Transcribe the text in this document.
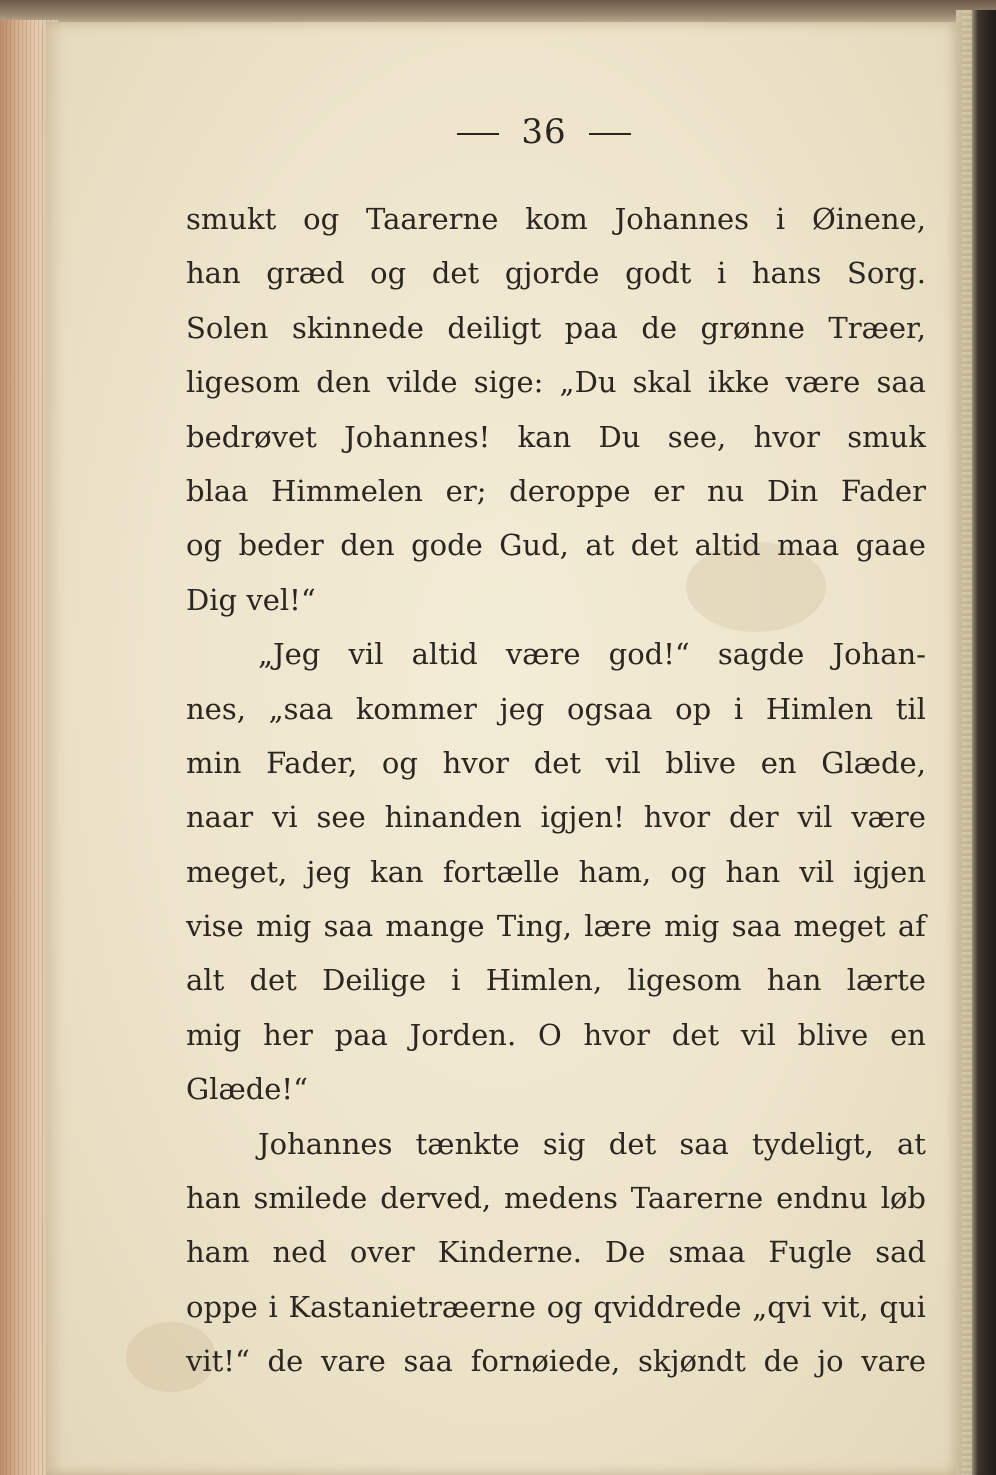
36
smukt og Taarerne kom Johannes i Øinene,
han græd og det gjorde godt i hans Sorg.
Solen skinnede deiligt paa de grønne Træer,
ligesom den vilde sige: „Du skal ikke være saa
bedrøvet Johannes! kan Du see, hvor smuk
blaa Himmelen er; deroppe er nu Din Fader
og beder den gode Gud, at det altid maa gaae
Dig vel!“
„Jeg vil altid være god!“ sagde Johan-
nes, „saa kommer jeg ogsaa op i Himlen til
min Fader, og hvor det vil blive en Glæde,
naar vi see hinanden igjen! hvor der vil være
meget, jeg kan fortælle ham, og han vil igjen
vise mig saa mange Ting, lære mig saa meget af
alt det Deilige i Himlen, ligesom han lærte
mig her paa Jorden. O hvor det vil blive en
Glæde!“
Johannes tænkte sig det saa tydeligt, at
han smilede derved, medens Taarerne endnu løb
ham ned over Kinderne. De smaa Fugle sad
oppe i Kastanietræerne og qviddrede „qvi vit, qui
vit!“ de vare saa fornøiede, skjøndt de jo vare
